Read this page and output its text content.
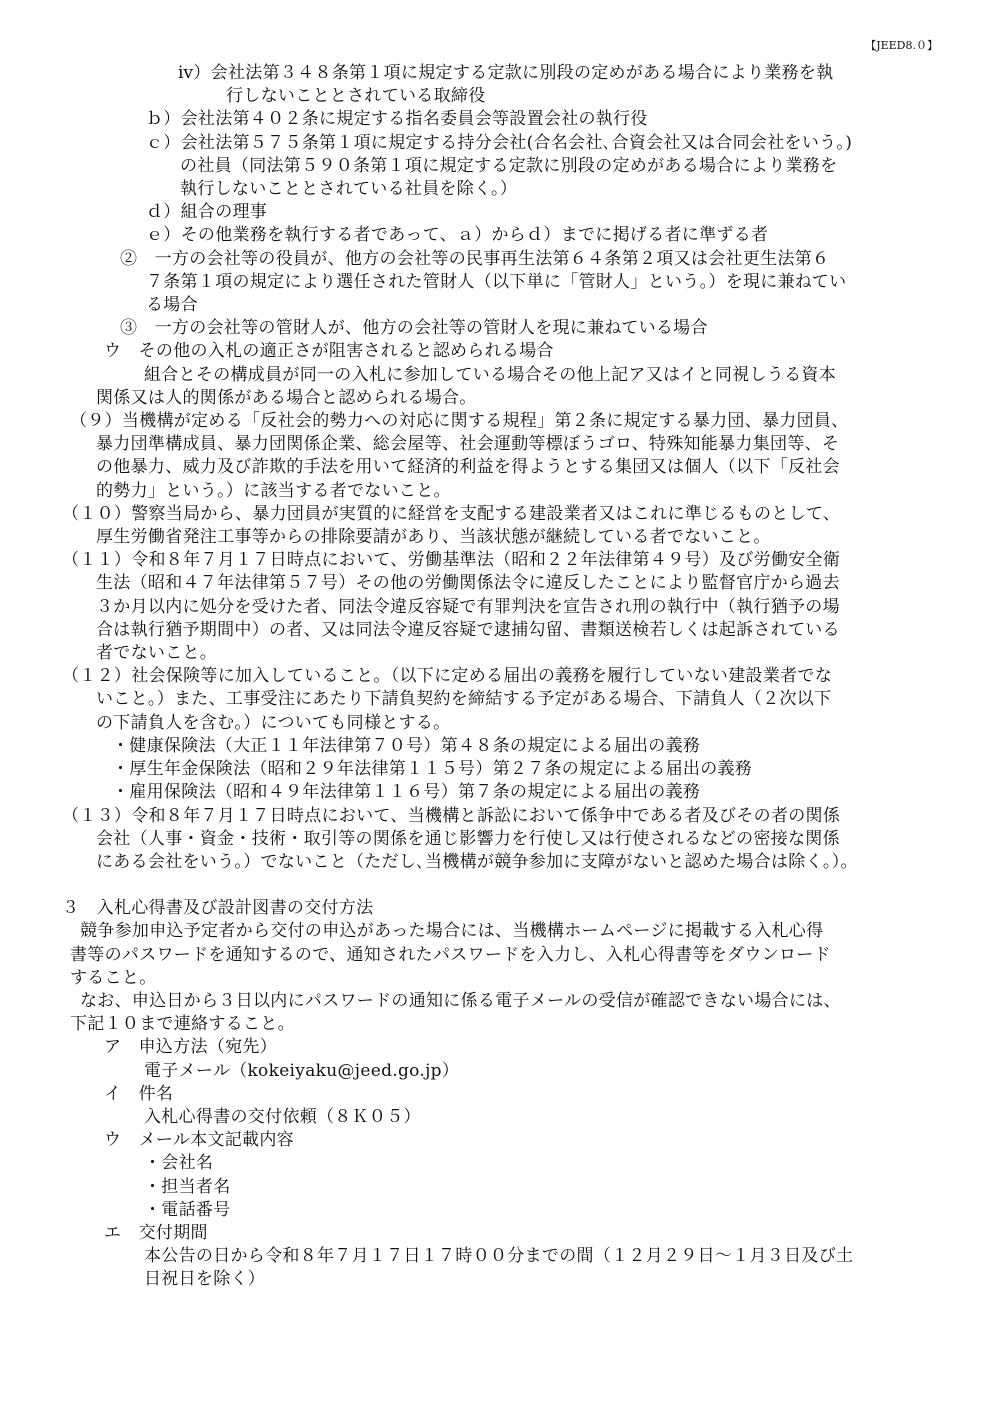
【JEED8.０】
ⅳ）会社法第３４８条第１項に規定する定款に別段の定めがある場合により業務を執
行しないこととされている取締役
ｂ）会社法第４０２条に規定する指名委員会等設置会社の執行役
ｃ）会社法第５７５条第１項に規定する持分会社(合名会社､合資会社又は合同会社をいう｡)
の社員（同法第５９０条第１項に規定する定款に別段の定めがある場合により業務を
執行しないこととされている社員を除く。）
ｄ）組合の理事
ｅ）その他業務を執行する者であって、ａ）からｄ）までに掲げる者に準ずる者
②　一方の会社等の役員が、他方の会社等の民事再生法第６４条第２項又は会社更生法第６
７条第１項の規定により選任された管財人（以下単に「管財人」という。）を現に兼ねてい
る場合
③　一方の会社等の管財人が、他方の会社等の管財人を現に兼ねている場合
ウ　その他の入札の適正さが阻害されると認められる場合
組合とその構成員が同一の入札に参加している場合その他上記ア又はイと同視しうる資本
関係又は人的関係がある場合と認められる場合。
（９）当機構が定める「反社会的勢力への対応に関する規程」第２条に規定する暴力団、暴力団員、
暴力団準構成員、暴力団関係企業、総会屋等、社会運動等標ぼうゴロ、特殊知能暴力集団等、そ
の他暴力、威力及び詐欺的手法を用いて経済的利益を得ようとする集団又は個人（以下「反社会
的勢力」という。）に該当する者でないこと。
（１０）警察当局から、暴力団員が実質的に経営を支配する建設業者又はこれに準じるものとして、
厚生労働省発注工事等からの排除要請があり、当該状態が継続している者でないこと。
（１１）令和８年７月１７日時点において、労働基準法（昭和２２年法律第４９号）及び労働安全衛
生法（昭和４７年法律第５７号）その他の労働関係法令に違反したことにより監督官庁から過去
３か月以内に処分を受けた者、同法令違反容疑で有罪判決を宣告され刑の執行中（執行猶予の場
合は執行猶予期間中）の者、又は同法令違反容疑で逮捕勾留、書類送検若しくは起訴されている
者でないこと。
（１２）社会保険等に加入していること。（以下に定める届出の義務を履行していない建設業者でな
いこと。）また、工事受注にあたり下請負契約を締結する予定がある場合、下請負人（２次以下
の下請負人を含む｡）についても同様とする。
・健康保険法（大正１１年法律第７０号）第４８条の規定による届出の義務
・厚生年金保険法（昭和２９年法律第１１５号）第２７条の規定による届出の義務
・雇用保険法（昭和４９年法律第１１６号）第７条の規定による届出の義務
（１３）令和８年７月１７日時点において、当機構と訴訟において係争中である者及びその者の関係
会社（人事・資金・技術・取引等の関係を通じ影響力を行使し又は行使されるなどの密接な関係
にある会社をいう｡）でないこと（ただし､当機構が競争参加に支障がないと認めた場合は除く｡）。
３　入札心得書及び設計図書の交付方法
競争参加申込予定者から交付の申込があった場合には、当機構ホームページに掲載する入札心得
書等のパスワードを通知するので、通知されたパスワードを入力し、入札心得書等をダウンロード
すること。
なお、申込日から３日以内にパスワードの通知に係る電子メールの受信が確認できない場合には、
下記１０まで連絡すること。
ア　申込方法（宛先）
電子メール（kokeiyaku@jeed.go.jp）
イ　件名
入札心得書の交付依頼（８Ｋ０５）
ウ　メール本文記載内容
・会社名
・担当者名
・電話番号
エ　交付期間
本公告の日から令和８年７月１７日１７時００分までの間（１２月２９日～１月３日及び土
日祝日を除く）
